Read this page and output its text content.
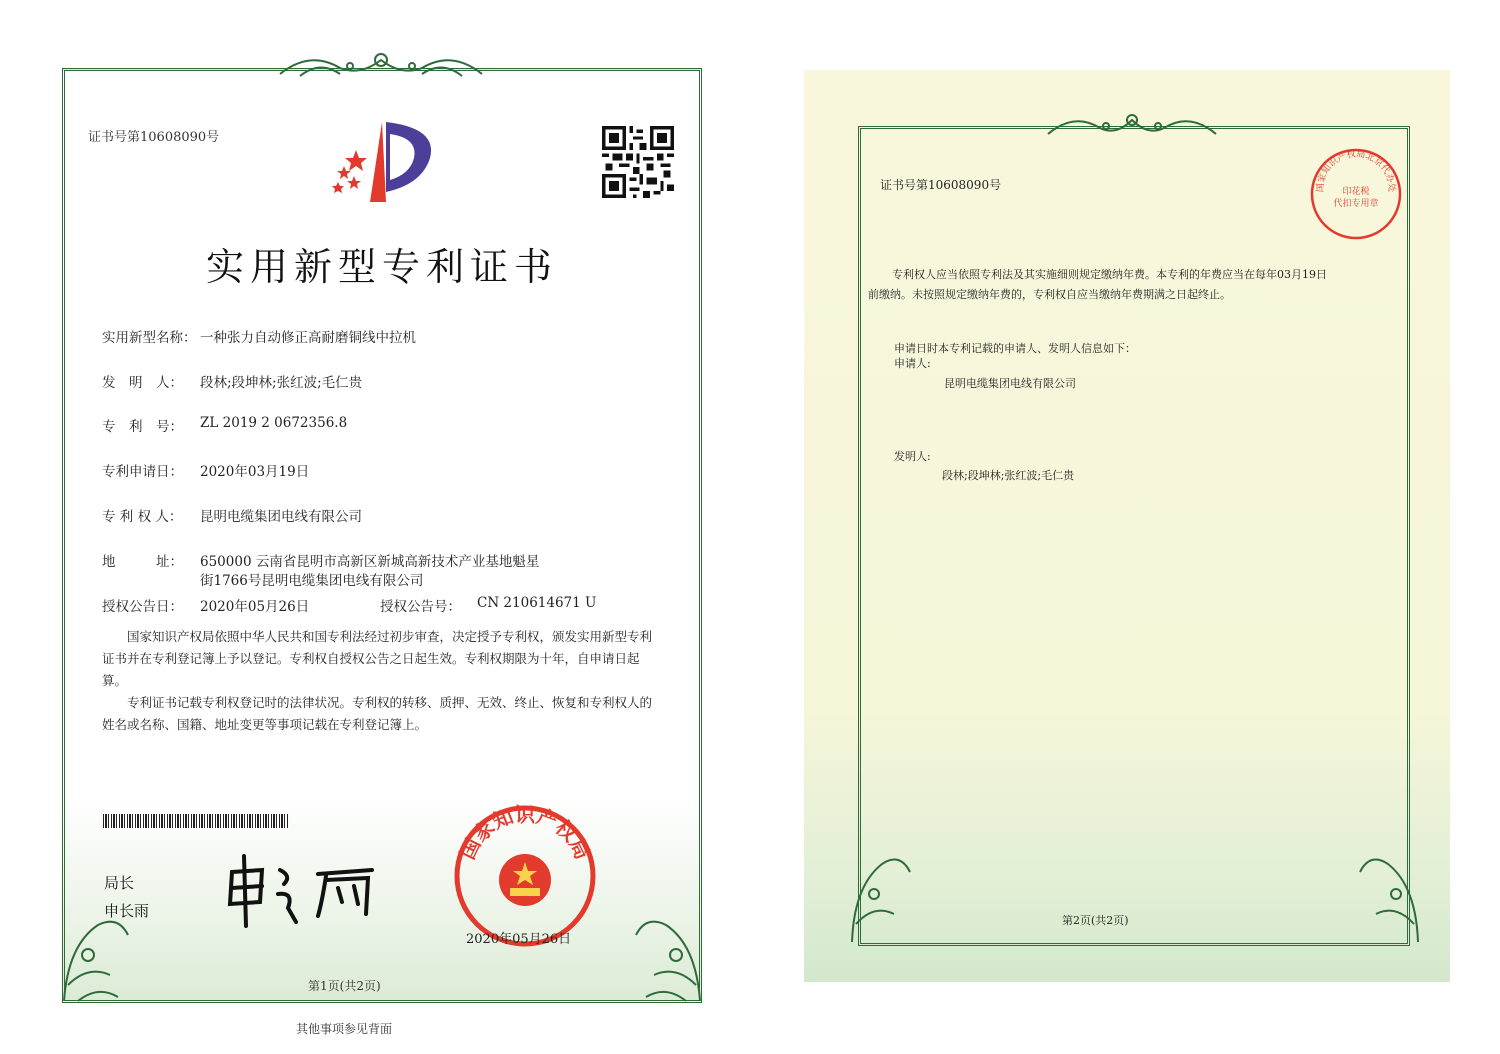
证书号第10608090号
实用新型专利证书
实用新型名称： 一种张力自动修正高耐磨铜线中拉机
发　明　人： 段林;段坤林;张红波;毛仁贵
专　利　号： ZL 2019 2 0672356.8
专利申请日： 2020年03月19日
专 利 权 人： 昆明电缆集团电线有限公司
地　　　址： 650000 云南省昆明市高新区新城高新技术产业基地魁星
街1766号昆明电缆集团电线有限公司
授权公告日： 2020年05月26日	授权公告号： CN 210614671 U
国家知识产权局依照中华人民共和国专利法经过初步审查，决定授予专利权，颁发实用新型专利证书并在专利登记簿上予以登记。专利权自授权公告之日起生效。专利权期限为十年，自申请日起算。
专利证书记载专利权登记时的法律状况。专利权的转移、质押、无效、终止、恢复和专利权人的姓名或名称、国籍、地址变更等事项记载在专利登记簿上。
局长
申长雨
国家知识产权局
2020年05月26日
第1页(共2页)
其他事项参见背面
证书号第10608090号	国家知识产权局北京代办处
印花税
代扣专用章
专利权人应当依照专利法及其实施细则规定缴纳年费。本专利的年费应当在每年03月19日
前缴纳。未按照规定缴纳年费的，专利权自应当缴纳年费期满之日起终止。
申请日时本专利记载的申请人、发明人信息如下：
申请人:
昆明电缆集团电线有限公司
发明人:
段林;段坤林;张红波;毛仁贵
第2页(共2页)
